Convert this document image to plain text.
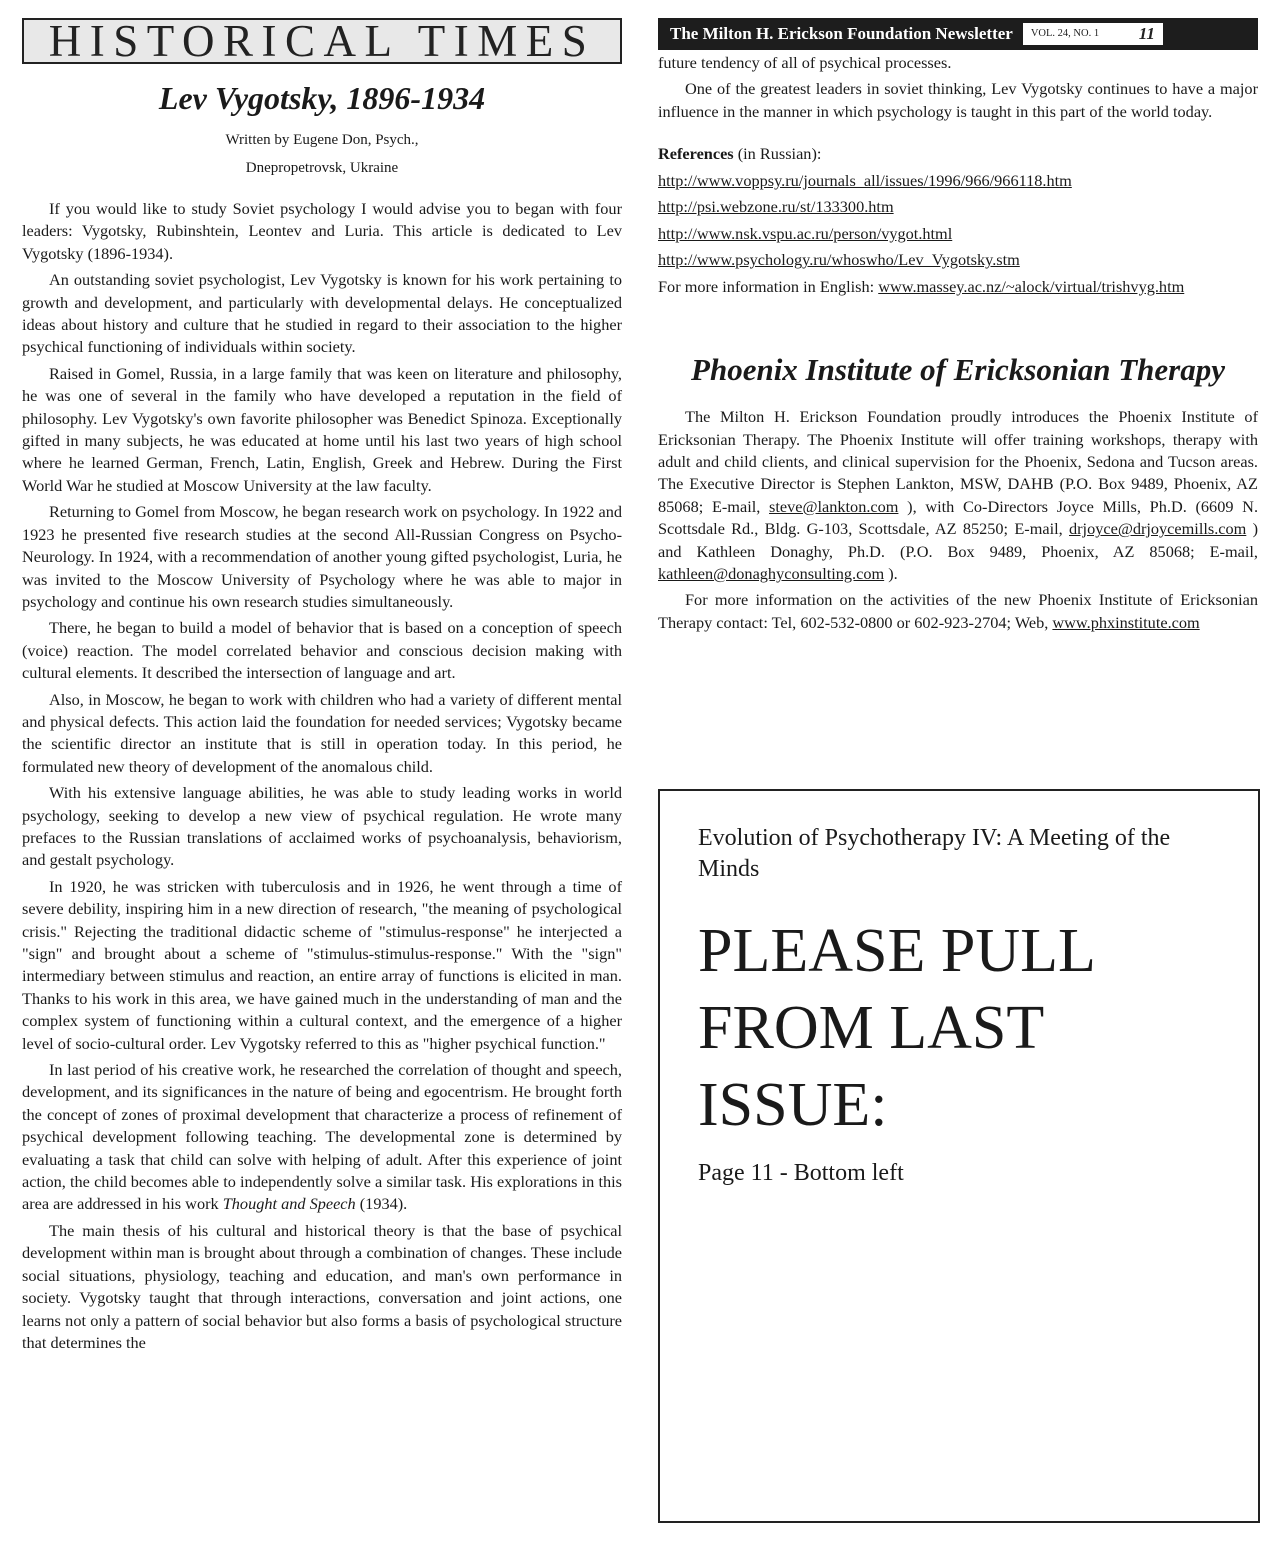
HISTORICAL TIMES
Lev Vygotsky, 1896-1934

Written by Eugene Don, Psych.,

Dnepropetrovsk, Ukraine

If you would like to study Soviet psychology I would advise you to began with four leaders: Vygotsky, Rubinshtein, Leontev and Luria. This article is dedicated to Lev Vygotsky (1896-1934).

An outstanding soviet psychologist, Lev Vygotsky is known for his work pertaining to growth and development, and particularly with developmental delays. He conceptualized ideas about history and culture that he studied in regard to their association to the higher psychical functioning of individuals within society.

Raised in Gomel, Russia, in a large family that was keen on literature and philosophy, he was one of several in the family who have developed a reputation in the field of philosophy. Lev Vygotsky's own favorite philosopher was Benedict Spinoza. Exceptionally gifted in many subjects, he was educated at home until his last two years of high school where he learned German, French, Latin, English, Greek and Hebrew. During the First World War he studied at Moscow University at the law faculty.

Returning to Gomel from Moscow, he began research work on psychology. In 1922 and 1923 he presented five research studies at the second All-Russian Congress on Psycho-Neurology. In 1924, with a recommendation of another young gifted psychologist, Luria, he was invited to the Moscow University of Psychology where he was able to major in psychology and continue his own research studies simultaneously.

There, he began to build a model of behavior that is based on a conception of speech (voice) reaction. The model correlated behavior and conscious decision making with cultural elements. It described the intersection of language and art.

Also, in Moscow, he began to work with children who had a variety of different mental and physical defects. This action laid the foundation for needed services; Vygotsky became the scientific director an institute that is still in operation today. In this period, he formulated new theory of development of the anomalous child.

With his extensive language abilities, he was able to study leading works in world psychology, seeking to develop a new view of psychical regulation. He wrote many prefaces to the Russian translations of acclaimed works of psychoanalysis, behaviorism, and gestalt psychology.

In 1920, he was stricken with tuberculosis and in 1926, he went through a time of severe debility, inspiring him in a new direction of research, "the meaning of psychological crisis." Rejecting the traditional didactic scheme of "stimulus-response" he interjected a "sign" and brought about a scheme of "stimulus-stimulus-response." With the "sign" intermediary between stimulus and reaction, an entire array of functions is elicited in man. Thanks to his work in this area, we have gained much in the understanding of man and the complex system of functioning within a cultural context, and the emergence of a higher level of socio-cultural order. Lev Vygotsky referred to this as "higher psychical function."

In last period of his creative work, he researched the correlation of thought and speech, development, and its significances in the nature of being and egocentrism. He brought forth the concept of zones of proximal development that characterize a process of refinement of psychical development following teaching. The developmental zone is determined by evaluating a task that child can solve with helping of adult. After this experience of joint action, the child becomes able to independently solve a similar task. His explorations in this area are addressed in his work Thought and Speech (1934).

The main thesis of his cultural and historical theory is that the base of psychical development within man is brought about through a combination of changes. These include social situations, physiology, teaching and education, and man's own performance in society. Vygotsky taught that through interactions, conversation and joint actions, one learns not only a pattern of social behavior but also forms a basis of psychological structure that determines the

The Milton H. Erickson Foundation Newsletter VOL. 24, NO. 1 11

future tendency of all of psychical processes.

One of the greatest leaders in soviet thinking, Lev Vygotsky continues to have a major influence in the manner in which psychology is taught in this part of the world today.

References (in Russian):
http://www.voppsy.ru/journals_all/issues/1996/966/966118.htm
http://psi.webzone.ru/st/133300.htm
http://www.nsk.vspu.ac.ru/person/vygot.html
http://www.psychology.ru/whoswho/Lev_Vygotsky.stm
For more information in English: www.massey.ac.nz/~alock/virtual/trishvyg.htm
Phoenix Institute of Ericksonian Therapy

The Milton H. Erickson Foundation proudly introduces the Phoenix Institute of Ericksonian Therapy. The Phoenix Institute will offer training workshops, therapy with adult and child clients, and clinical supervision for the Phoenix, Sedona and Tucson areas. The Executive Director is Stephen Lankton, MSW, DAHB (P.O. Box 9489, Phoenix, AZ 85068; E-mail, steve@lankton.com ), with Co-Directors Joyce Mills, Ph.D. (6609 N. Scottsdale Rd., Bldg. G-103, Scottsdale, AZ 85250; E-mail, drjoyce@drjoycemills.com ) and Kathleen Donaghy, Ph.D. (P.O. Box 9489, Phoenix, AZ 85068; E-mail, kathleen@donaghyconsulting.com ).

For more information on the activities of the new Phoenix Institute of Ericksonian Therapy contact: Tel, 602-532-0800 or 602-923-2704; Web, www.phxinstitute.com

Evolution of Psychotherapy IV: A Meeting of the Minds

PLEASE PULL FROM LAST ISSUE:

Page 11 - Bottom left
